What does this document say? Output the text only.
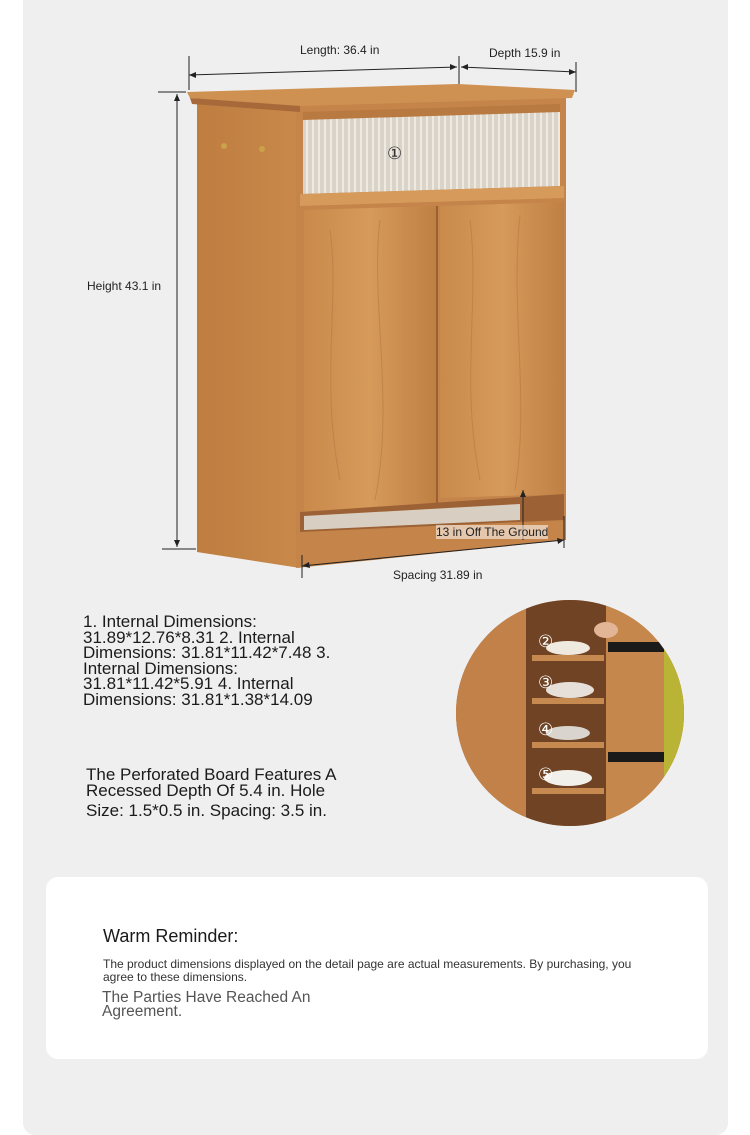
Length: 36.4 in	Depth 15.9 in
Height 43.1 in
13 in Off The Ground
Spacing 31.89 in
①
1. Internal Dimensions: 31.89*12.76*8.31 2. Internal Dimensions: 31.81*11.42*7.48 3. Internal Dimensions: 31.81*11.42*5.91 4. Internal Dimensions: 31.81*1.38*14.09
The Perforated Board Features A
Recessed Depth Of 5.4 in. Hole
Size: 1.5*0.5 in. Spacing: 3.5 in.
②
③
④
⑤
Warm Reminder:
The product dimensions displayed on the detail page are actual measurements. By purchasing, you agree to these dimensions.
The Parties Have Reached An Agreement.
